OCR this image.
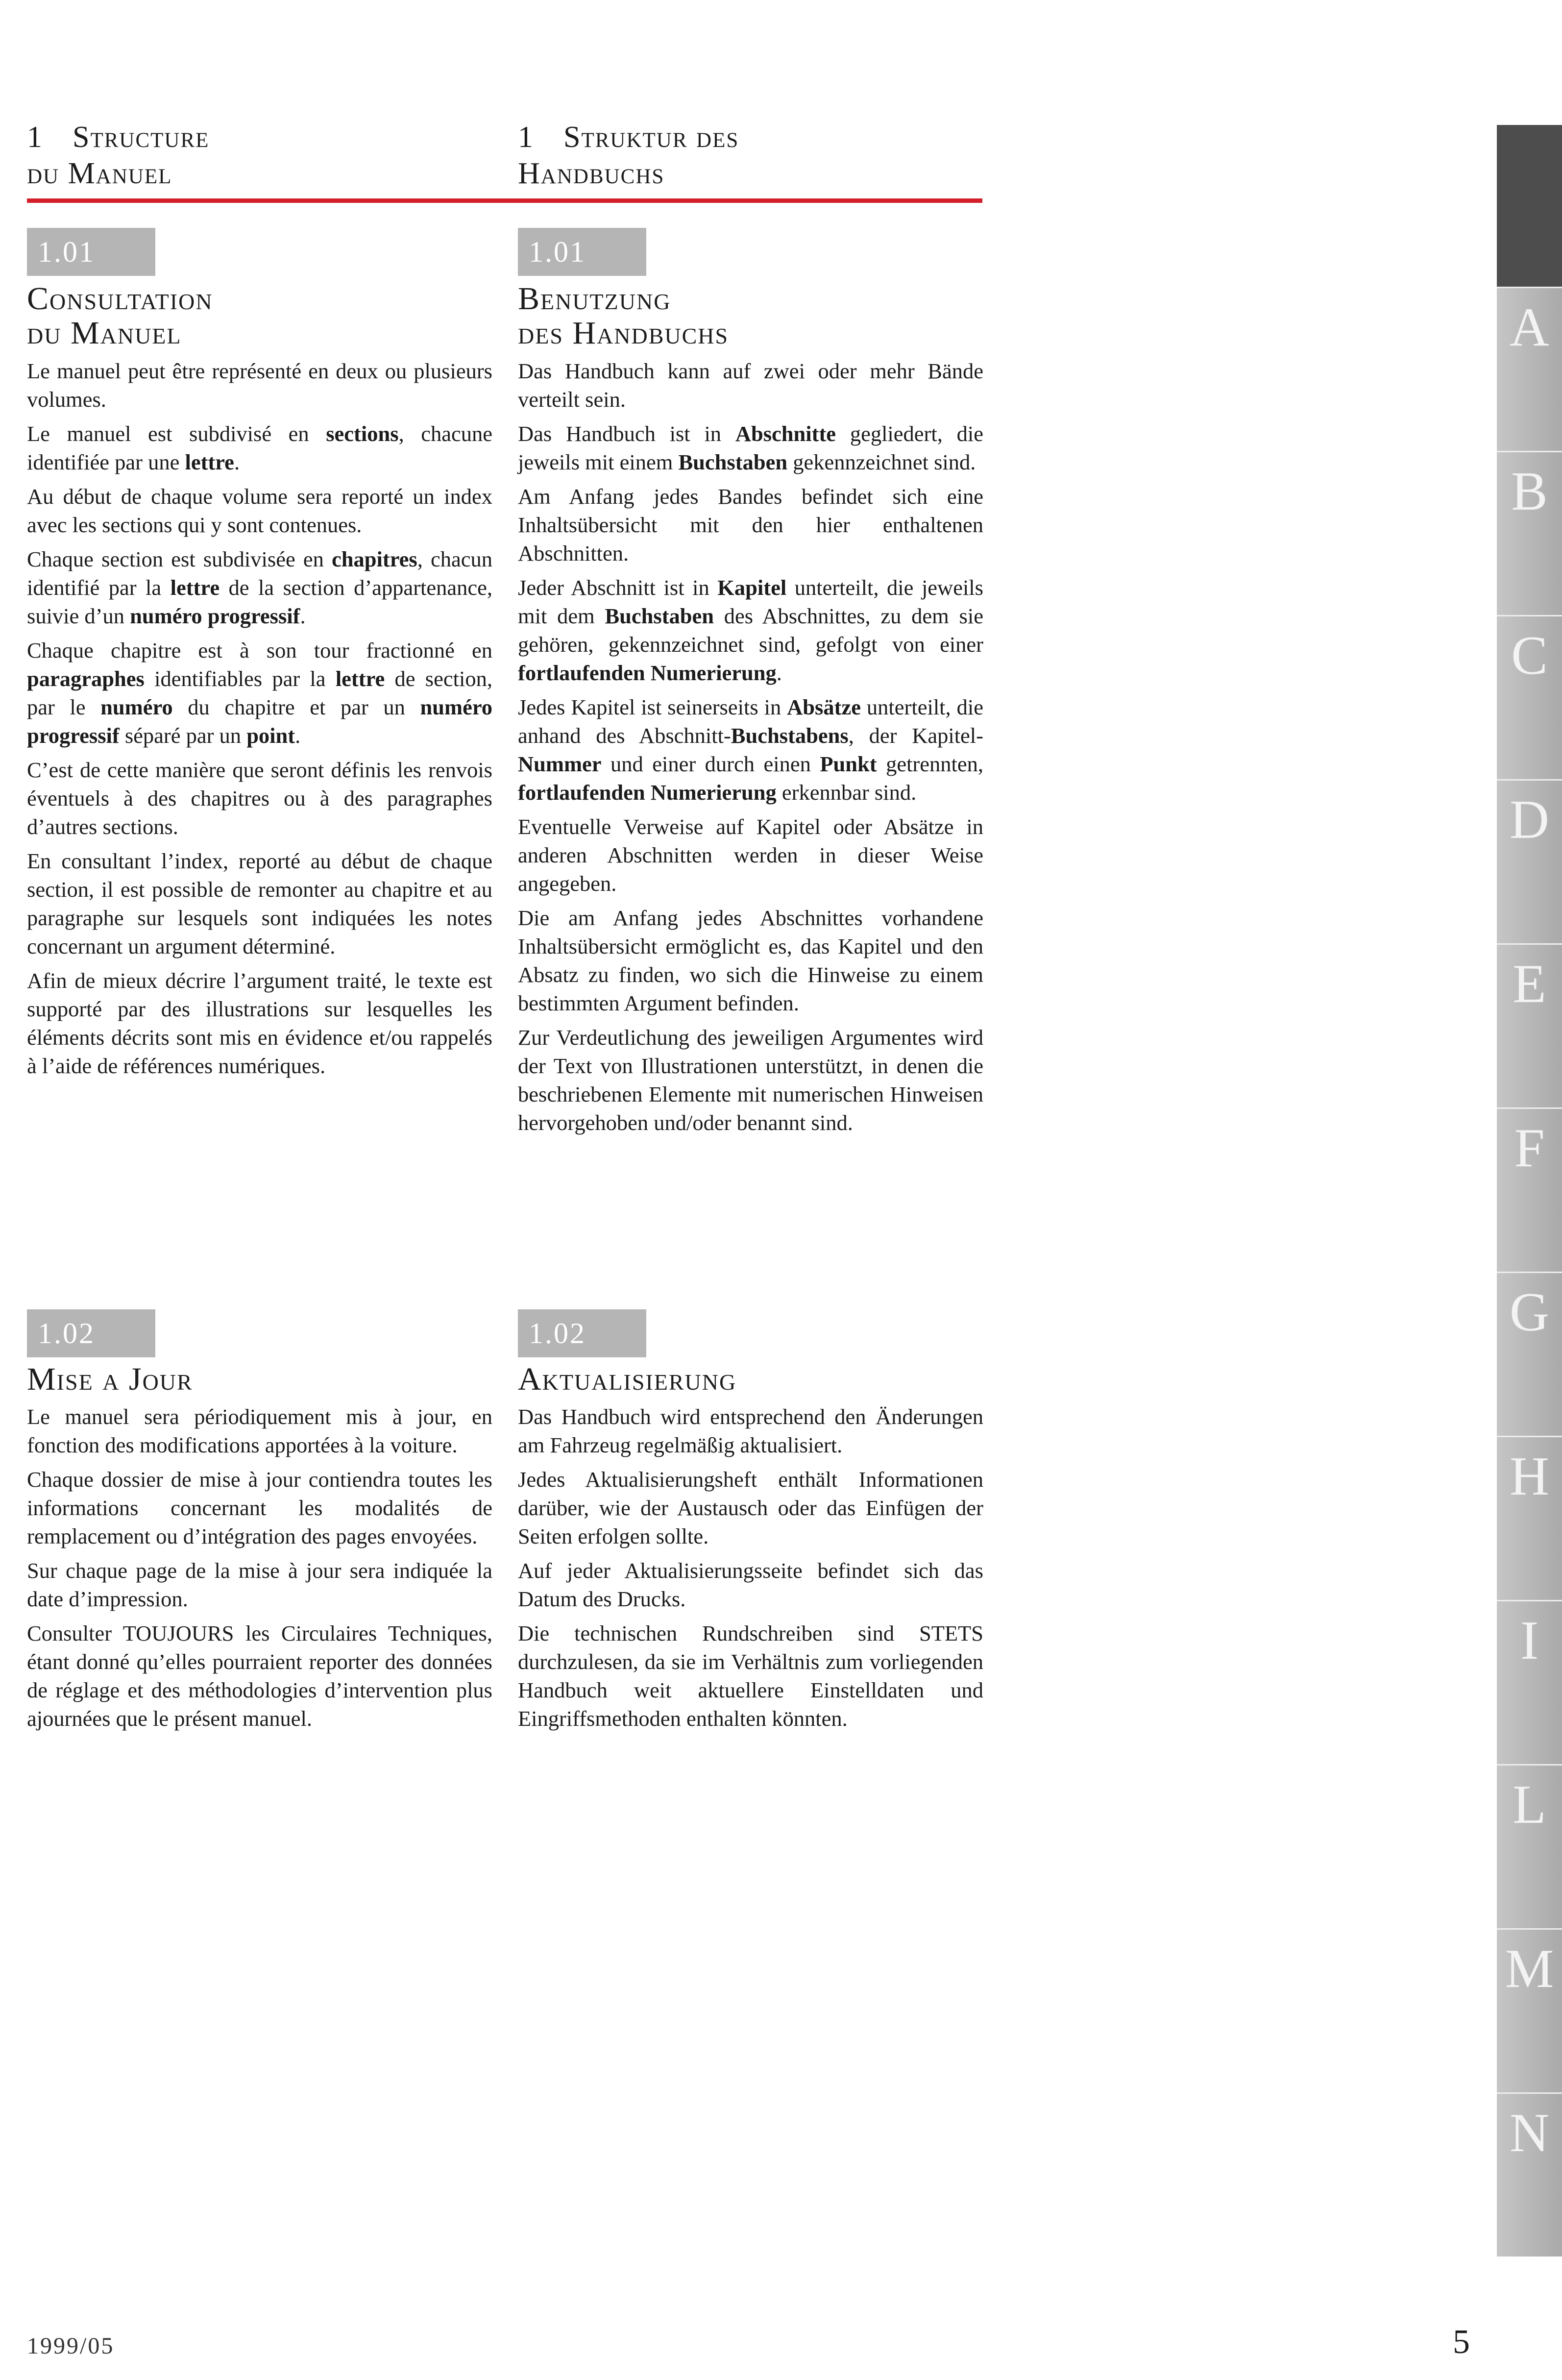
1 Structure
du Manuel
1 Struktur des
Handbuchs
1.01	1.01
Consultation
du Manuel
Benutzung
des Handbuchs

Le manuel peut être représenté en deux ou plusieurs volumes.

Le manuel est subdivisé en sections, chacune identifiée par une lettre.

Au début de chaque volume sera reporté un index avec les sections qui y sont contenues.

Chaque section est subdivisée en chapitres, chacun identifié par la lettre de la section d’appartenance, suivie d’un numéro progressif.

Chaque chapitre est à son tour fractionné en paragraphes identifiables par la lettre de section, par le numéro du chapitre et par un numéro progressif séparé par un point.

C’est de cette manière que seront définis les renvois éventuels à des chapitres ou à des paragraphes d’autres sections.

En consultant l’index, reporté au début de chaque section, il est possible de remonter au chapitre et au paragraphe sur lesquels sont indiquées les notes concernant un argument déterminé.

Afin de mieux décrire l’argument traité, le texte est supporté par des illustrations sur lesquelles les éléments décrits sont mis en évidence et/ou rappelés à l’aide de références numériques.

Das Handbuch kann auf zwei oder mehr Bände verteilt sein.

Das Handbuch ist in Abschnitte gegliedert, die jeweils mit einem Buchstaben gekennzeichnet sind.

Am Anfang jedes Bandes befindet sich eine Inhaltsübersicht mit den hier enthaltenen Abschnitten.

Jeder Abschnitt ist in Kapitel unterteilt, die jeweils mit dem Buchstaben des Abschnittes, zu dem sie gehören, gekennzeichnet sind, gefolgt von einer fortlaufenden Numerierung.

Jedes Kapitel ist seinerseits in Absätze unterteilt, die anhand des Abschnitt-Buchstabens, der Kapitel- Nummer und einer durch einen Punkt getrennten, fortlaufenden Numerierung erkennbar sind.

Eventuelle Verweise auf Kapitel oder Absätze in anderen Abschnitten werden in dieser Weise angegeben.

Die am Anfang jedes Abschnittes vorhandene Inhaltsübersicht ermöglicht es, das Kapitel und den Absatz zu finden, wo sich die Hinweise zu einem bestimmten Argument befinden.

Zur Verdeutlichung des jeweiligen Argumentes wird der Text von Illustrationen unterstützt, in denen die beschriebenen Elemente mit numerischen Hinweisen hervorgehoben und/oder benannt sind.

1.02	1.02
Mise a Jour	Aktualisierung

Le manuel sera périodiquement mis à jour, en fonction des modifications apportées à la voiture.

Chaque dossier de mise à jour contiendra toutes les informations concernant les modalités de remplacement ou d’intégration des pages envoyées.

Sur chaque page de la mise à jour sera indiquée la date d’impression.

Consulter TOUJOURS les Circulaires Techniques, étant donné qu’elles pourraient reporter des données de réglage et des méthodologies d’intervention plus ajournées que le présent manuel.

Das Handbuch wird entsprechend den Änderungen am Fahrzeug regelmäßig aktualisiert.

Jedes Aktualisierungsheft enthält Informationen darüber, wie der Austausch oder das Einfügen der Seiten erfolgen sollte.

Auf jeder Aktualisierungsseite befindet sich das Datum des Drucks.

Die technischen Rundschreiben sind STETS durchzulesen, da sie im Verhältnis zum vorliegenden Handbuch weit aktuellere Einstelldaten und Eingriffsmethoden enthalten könnten.

A
B
C
D
E
F
G
H
I
L
M
N
1999/05	5
